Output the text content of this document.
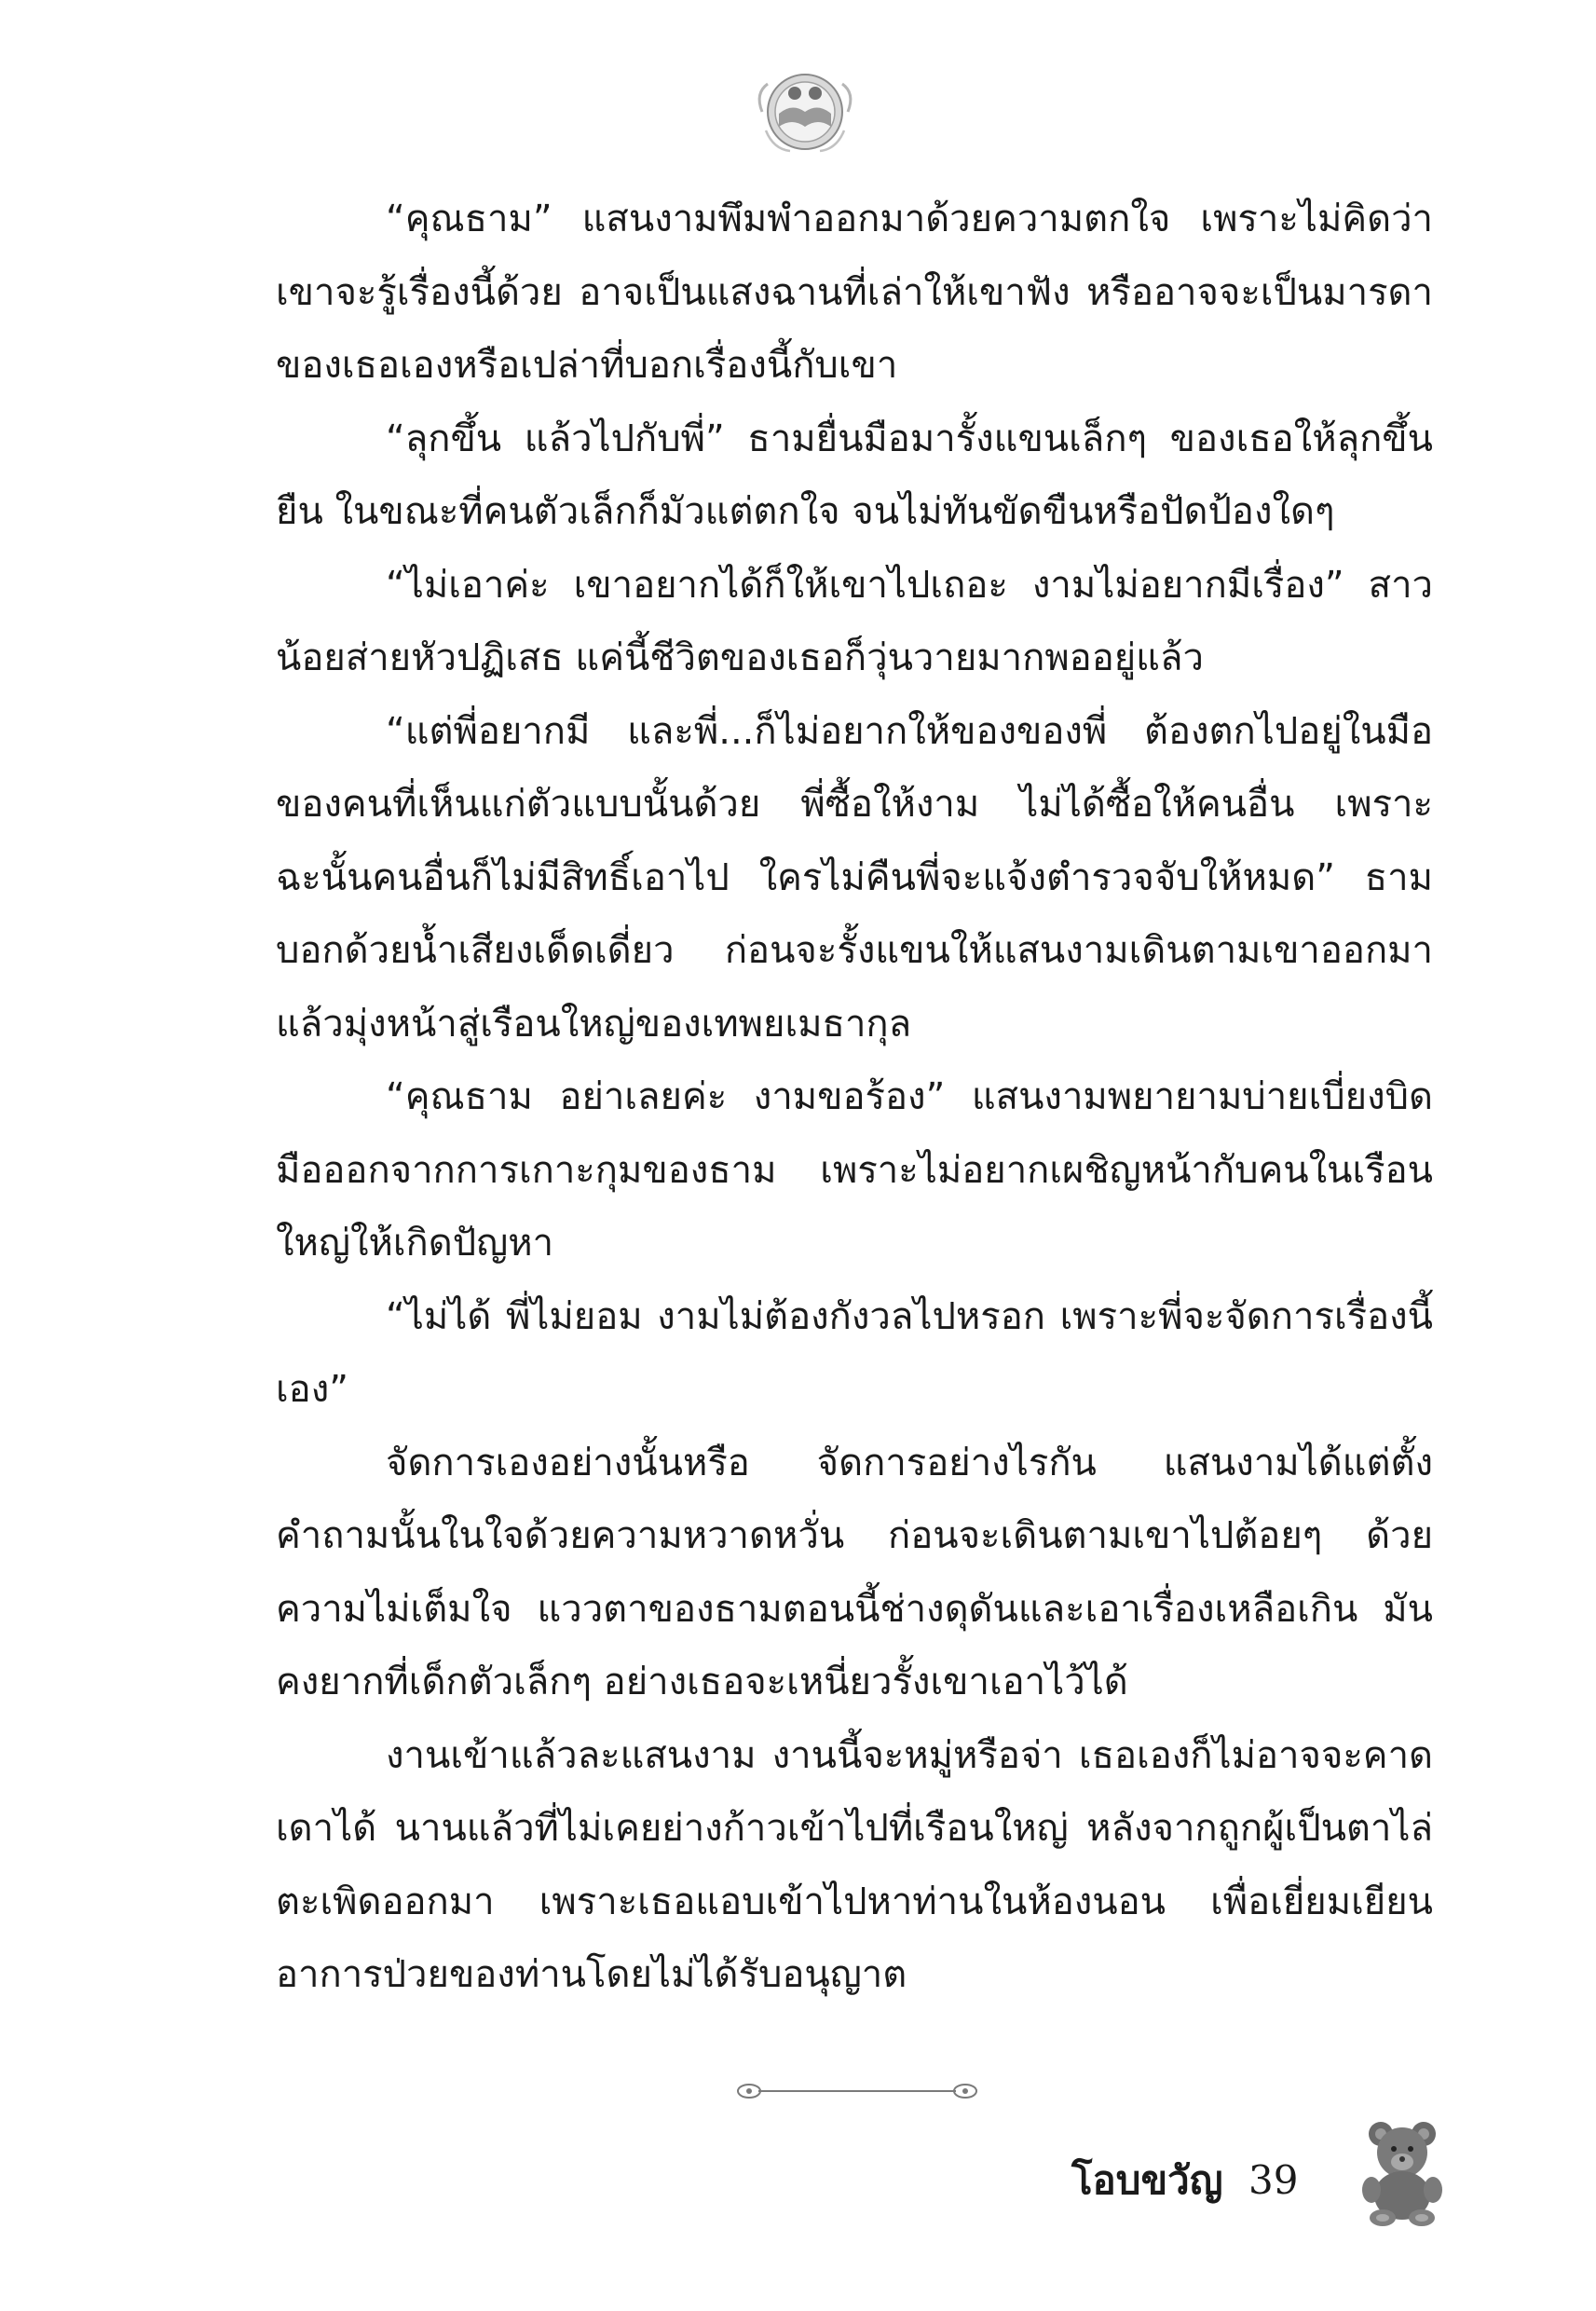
“คุณธาม” แสนงามพึมพำออกมาด้วยความตกใจ เพราะไม่คิดว่าเขาจะรู้เรื่องนี้ด้วย อาจเป็นแสงฉานที่เล่าให้เขาฟัง หรืออาจจะเป็นมารดาของเธอเองหรือเปล่าที่บอกเรื่องนี้กับเขา

“ลุกขึ้น แล้วไปกับพี่” ธามยื่นมือมารั้งแขนเล็กๆ ของเธอให้ลุกขึ้นยืน ในขณะที่คนตัวเล็กก็มัวแต่ตกใจ จนไม่ทันขัดขืนหรือปัดป้องใดๆ

“ไม่เอาค่ะ เขาอยากได้ก็ให้เขาไปเถอะ งามไม่อยากมีเรื่อง” สาวน้อยส่ายหัวปฏิเสธ แค่นี้ชีวิตของเธอก็วุ่นวายมากพออยู่แล้ว

“แต่พี่อยากมี และพี่...ก็ไม่อยากให้ของของพี่ ต้องตกไปอยู่ในมือของคนที่เห็นแก่ตัวแบบนั้นด้วย พี่ซื้อให้งาม ไม่ได้ซื้อให้คนอื่น เพราะฉะนั้นคนอื่นก็ไม่มีสิทธิ์เอาไป ใครไม่คืนพี่จะแจ้งตำรวจจับให้หมด” ธามบอกด้วยน้ำเสียงเด็ดเดี่ยว ก่อนจะรั้งแขนให้แสนงามเดินตามเขาออกมาแล้วมุ่งหน้าสู่เรือนใหญ่ของเทพยเมธากุล

“คุณธาม อย่าเลยค่ะ งามขอร้อง” แสนงามพยายามบ่ายเบี่ยงบิดมือออกจากการเกาะกุมของธาม เพราะไม่อยากเผชิญหน้ากับคนในเรือนใหญ่ให้เกิดปัญหา

“ไม่ได้ พี่ไม่ยอม งามไม่ต้องกังวลไปหรอก เพราะพี่จะจัดการเรื่องนี้เอง”

จัดการเองอย่างนั้นหรือ จัดการอย่างไรกัน แสนงามได้แต่ตั้งคำถามนั้นในใจด้วยความหวาดหวั่น ก่อนจะเดินตามเขาไปต้อยๆ ด้วยความไม่เต็มใจ แววตาของธามตอนนี้ช่างดุดันและเอาเรื่องเหลือเกิน มันคงยากที่เด็กตัวเล็กๆ อย่างเธอจะเหนี่ยวรั้งเขาเอาไว้ได้

งานเข้าแล้วละแสนงาม งานนี้จะหมู่หรือจ่า เธอเองก็ไม่อาจจะคาดเดาได้ นานแล้วที่ไม่เคยย่างก้าวเข้าไปที่เรือนใหญ่ หลังจากถูกผู้เป็นตาไล่ตะเพิดออกมา เพราะเธอแอบเข้าไปหาท่านในห้องนอน เพื่อเยี่ยมเยียนอาการป่วยของท่านโดยไม่ได้รับอนุญาต

โอบขวัญ 39
